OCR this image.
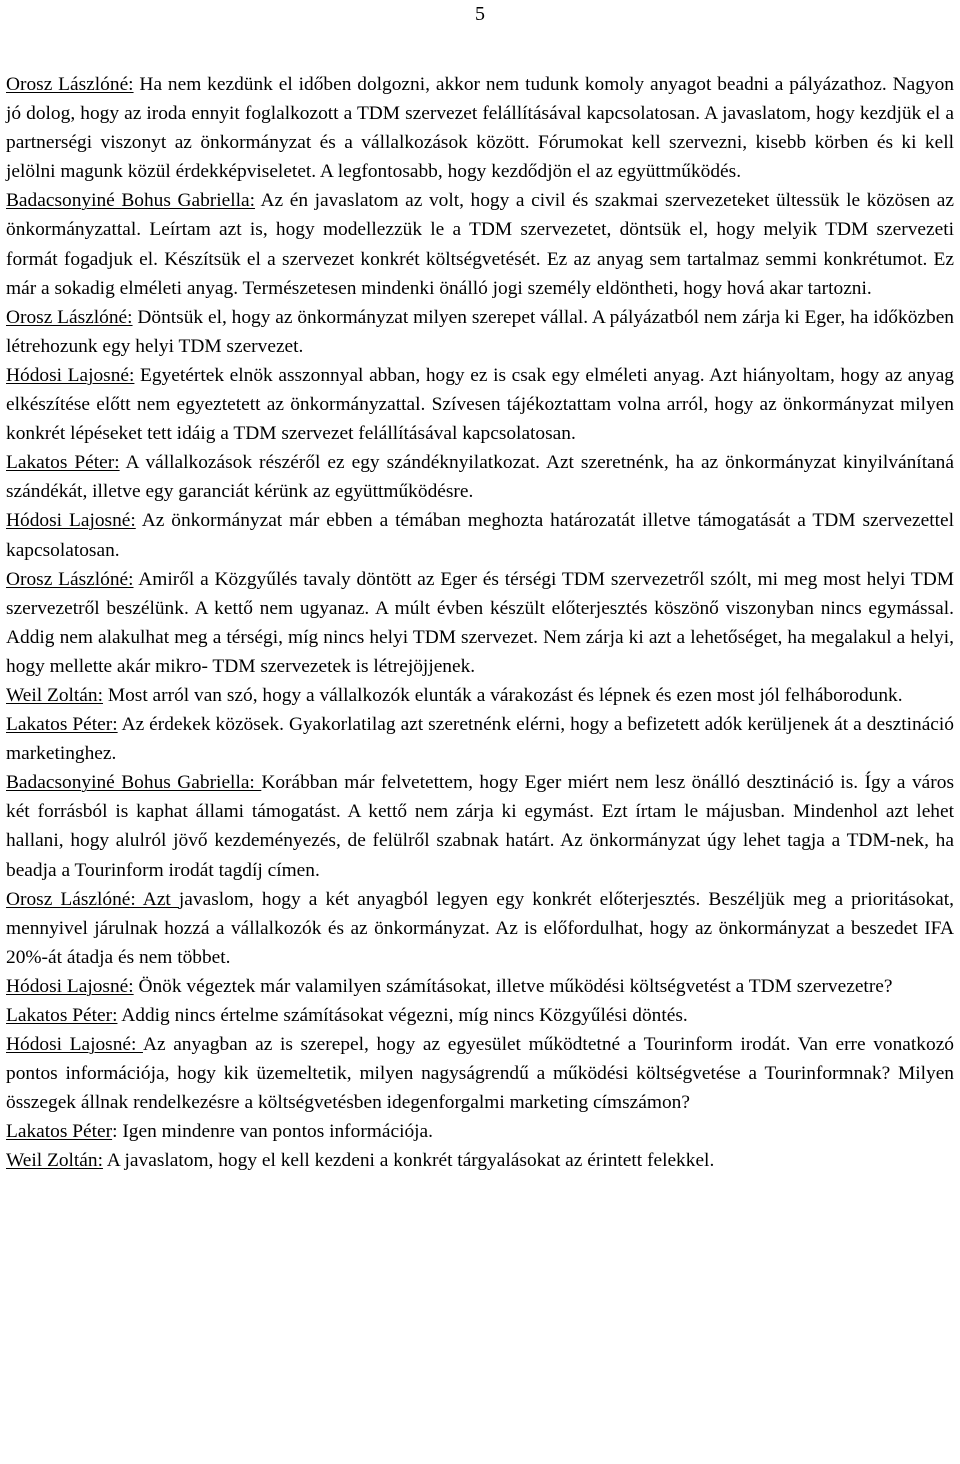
5

Orosz Lászlóné: Ha nem kezdünk el időben dolgozni, akkor nem tudunk komoly anyagot beadni a pályázathoz. Nagyon jó dolog, hogy az iroda ennyit foglalkozott a TDM szervezet felállításával kapcsolatosan. A javaslatom, hogy kezdjük el a partnerségi viszonyt az önkormányzat és a vállalkozások között. Fórumokat kell szervezni, kisebb körben és ki kell jelölni magunk közül érdekképviseletet. A legfontosabb, hogy kezdődjön el az együttműködés.

Badacsonyiné Bohus Gabriella: Az én javaslatom az volt, hogy a civil és szakmai szervezeteket ültessük le közösen az önkormányzattal. Leírtam azt is, hogy modellezzük le a TDM szervezetet, döntsük el, hogy melyik TDM szervezeti formát fogadjuk el. Készítsük el a szervezet konkrét költségvetését. Ez az anyag sem tartalmaz semmi konkrétumot. Ez már a sokadig elméleti anyag. Természetesen mindenki önálló jogi személy eldöntheti, hogy hová akar tartozni.

Orosz Lászlóné: Döntsük el, hogy az önkormányzat milyen szerepet vállal. A pályázatból nem zárja ki Eger, ha időközben létrehozunk egy helyi TDM szervezet.

Hódosi Lajosné: Egyetértek elnök asszonnyal abban, hogy ez is csak egy elméleti anyag. Azt hiányoltam, hogy az anyag elkészítése előtt nem egyeztetett az önkormányzattal. Szívesen tájékoztattam volna arról, hogy az önkormányzat milyen konkrét lépéseket tett idáig a TDM szervezet felállításával kapcsolatosan.

Lakatos Péter: A vállalkozások részéről ez egy szándéknyilatkozat. Azt szeretnénk, ha az önkormányzat kinyilvánítaná szándékát, illetve egy garanciát kérünk az együttműködésre.

Hódosi Lajosné: Az önkormányzat már ebben a témában meghozta határozatát illetve támogatását a TDM szervezettel kapcsolatosan.

Orosz Lászlóné: Amiről a Közgyűlés tavaly döntött az Eger és térségi TDM szervezetről szólt, mi meg most helyi TDM szervezetről beszélünk. A kettő nem ugyanaz. A múlt évben készült előterjesztés köszönő viszonyban nincs egymással. Addig nem alakulhat meg a térségi, míg nincs helyi TDM szervezet. Nem zárja ki azt a lehetőséget, ha megalakul a helyi, hogy mellette akár mikro- TDM szervezetek is létrejöjjenek.

Weil Zoltán: Most arról van szó, hogy a vállalkozók elunták a várakozást és lépnek és ezen most jól felháborodunk.

Lakatos Péter: Az érdekek közösek. Gyakorlatilag azt szeretnénk elérni, hogy a befizetett adók kerüljenek át a desztináció marketinghez.

Badacsonyiné Bohus Gabriella: Korábban már felvetettem, hogy Eger miért nem lesz önálló desztináció is. Így a város két forrásból is kaphat állami támogatást. A kettő nem zárja ki egymást. Ezt írtam le májusban. Mindenhol azt lehet hallani, hogy alulról jövő kezdeményezés, de felülről szabnak határt. Az önkormányzat úgy lehet tagja a TDM-nek, ha beadja a Tourinform irodát tagdíj címen.

Orosz Lászlóné: Azt javaslom, hogy a két anyagból legyen egy konkrét előterjesztés. Beszéljük meg a prioritásokat, mennyivel járulnak hozzá a vállalkozók és az önkormányzat. Az is előfordulhat, hogy az önkormányzat a beszedet IFA 20%-át átadja és nem többet.

Hódosi Lajosné: Önök végeztek már valamilyen számításokat, illetve működési költségvetést a TDM szervezetre?

Lakatos Péter: Addig nincs értelme számításokat végezni, míg nincs Közgyűlési döntés.

Hódosi Lajosné: Az anyagban az is szerepel, hogy az egyesület működtetné a Tourinform irodát. Van erre vonatkozó pontos információja, hogy kik üzemeltetik, milyen nagyságrendű a működési költségvetése a Tourinformnak? Milyen összegek állnak rendelkezésre a költségvetésben idegenforgalmi marketing címszámon?

Lakatos Péter: Igen mindenre van pontos információja.

Weil Zoltán: A javaslatom, hogy el kell kezdeni a konkrét tárgyalásokat az érintett felekkel.
